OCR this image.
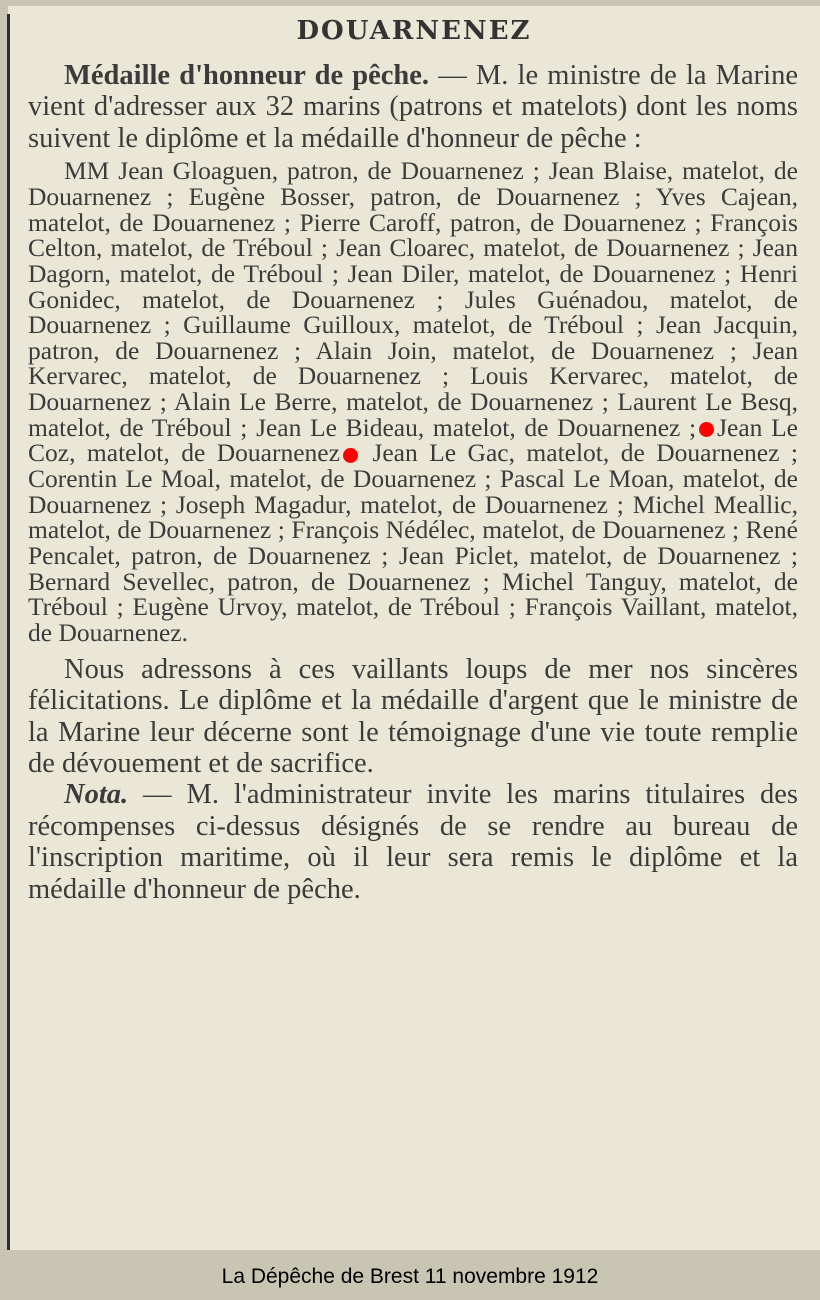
DOUARNENEZ

Médaille d'honneur de pêche. — M. le ministre de la Marine vient d'adresser aux 32 marins (patrons et matelots) dont les noms suivent le diplôme et la médaille d'honneur de pêche :

MM Jean Gloaguen, patron, de Douarnenez ; Jean Blaise, matelot, de Douarnenez ; Eugène Bosser, patron, de Douarnenez ; Yves Cajean, matelot, de Douarnenez ; Pierre Caroff, patron, de Douarnenez ; François Celton, matelot, de Tréboul ; Jean Cloarec, matelot, de Douarnenez ; Jean Dagorn, matelot, de Tréboul ; Jean Diler, matelot, de Douarnenez ; Henri Gonidec, matelot, de Douarnenez ; Jules Guénadou, matelot, de Douarnenez ; Guillaume Guilloux, matelot, de Tréboul ; Jean Jacquin, patron, de Douarnenez ; Alain Join, matelot, de Douarnenez ; Jean Kervarec, matelot, de Douarnenez ; Louis Kervarec, matelot, de Douarnenez ; Alain Le Berre, matelot, de Douarnenez ; Laurent Le Besq, matelot, de Tréboul ; Jean Le Bideau, matelot, de Douarnenez ; Jean Le Coz, matelot, de Douarnenez Jean Le Gac, matelot, de Douarnenez ; Corentin Le Moal, matelot, de Douarnenez ; Pascal Le Moan, matelot, de Douarnenez ; Joseph Magadur, matelot, de Douarnenez ; Michel Meallic, matelot, de Douarnenez ; François Nédélec, matelot, de Douarnenez ; René Pencalet, patron, de Douarnenez ; Jean Piclet, matelot, de Douarnenez ; Bernard Sevellec, patron, de Douarnenez ; Michel Tanguy, matelot, de Tréboul ; Eugène Urvoy, matelot, de Tréboul ; François Vaillant, matelot, de Douarnenez.

Nous adressons à ces vaillants loups de mer nos sincères félicitations. Le diplôme et la médaille d'argent que le ministre de la Marine leur décerne sont le témoignage d'une vie toute remplie de dévouement et de sacrifice.

Nota. — M. l'administrateur invite les marins titulaires des récompenses ci-dessus désignés de se rendre au bureau de l'inscription maritime, où il leur sera remis le diplôme et la médaille d'honneur de pêche.

La Dépêche de Brest 11 novembre 1912
